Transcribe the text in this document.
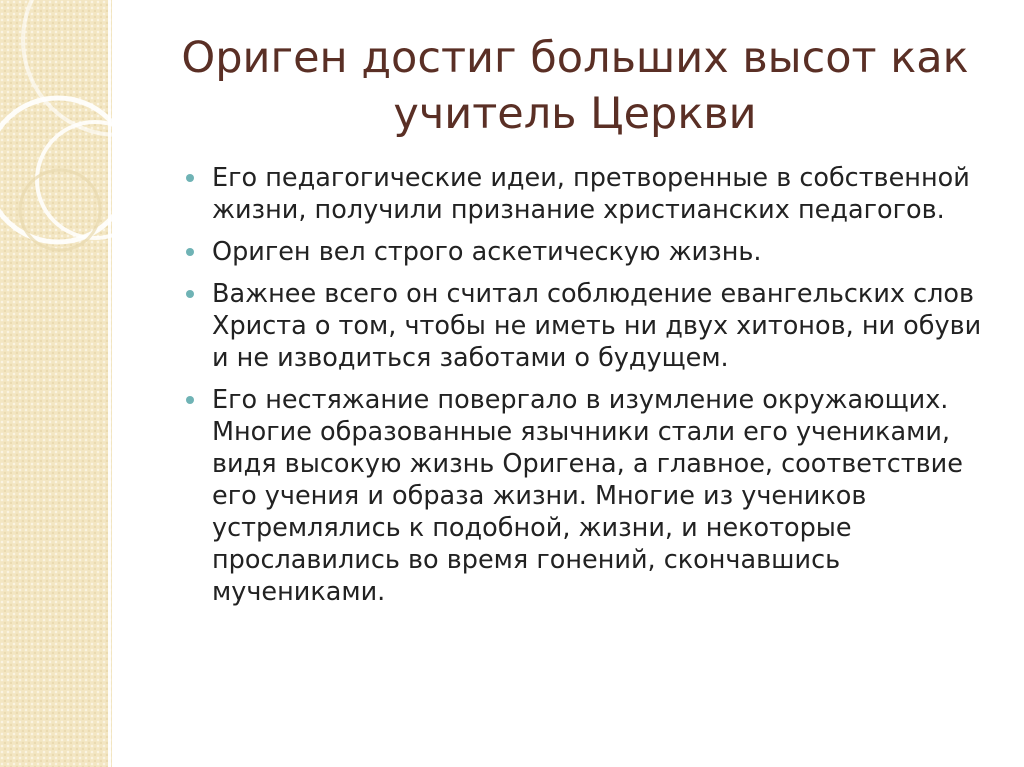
Ориген достиг больших высот как учитель Церкви
Его педагогические идеи, претворенные в собственной жизни, получили признание христианских педагогов.
Ориген вел строго аскетическую жизнь.
Важнее всего он считал соблюдение евангельских слов Христа о том, чтобы не иметь ни двух хитонов, ни обуви и не изводиться заботами о будущем.
Его нестяжание повергало в изумление окружающих. Многие образованные язычники стали его учениками, видя высокую жизнь Оригена, а главное, соответствие его учения и образа жизни. Многие из учеников устремлялись к подобной, жизни, и некоторые прославились во время гонений, скончавшись мучениками.
